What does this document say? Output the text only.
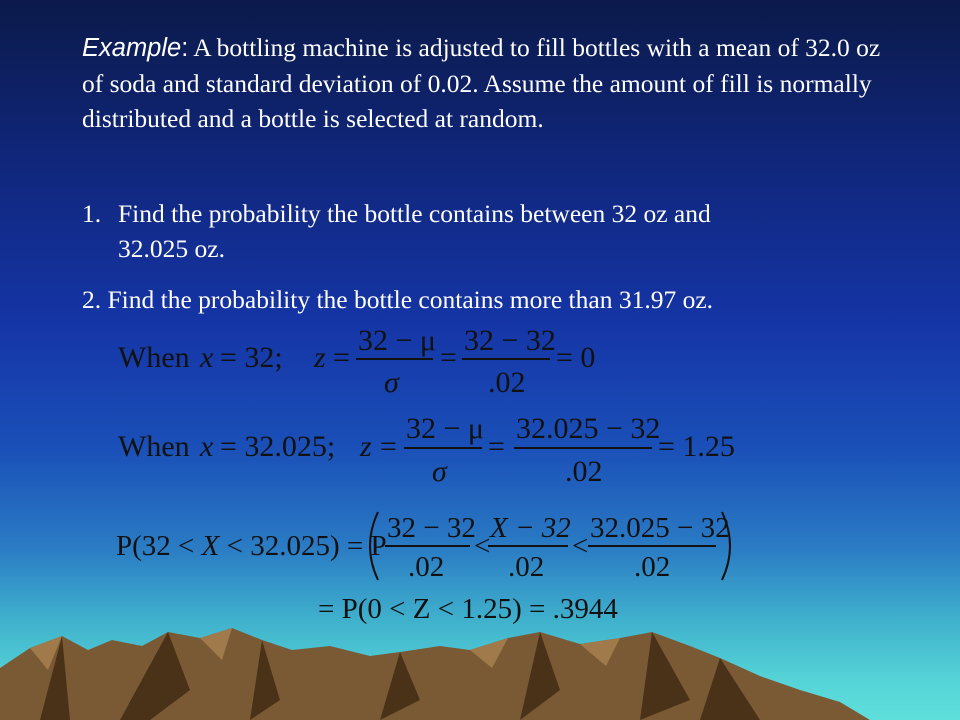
Example: A bottling machine is adjusted to fill bottles with a mean of 32.0 oz of soda and standard deviation of 0.02. Assume the amount of fill is normally distributed and a bottle is selected at random.

1. Find the probability the bottle contains between 32 oz and
32.025 oz.

2. Find the probability the bottle contains more than 31.97 oz.

When x = 32; z =
32 − μ
σ
=
32 − 32
.02
= 0
When x = 32.025; z =
32 − μ
σ
=
32.025 − 32
.02
= 1.25
P(32 < X < 32.025) = P
32 − 32
.02
<
X − 32
.02
<
32.025 − 32
.02
= P(0 < Z < 1.25) = .3944
